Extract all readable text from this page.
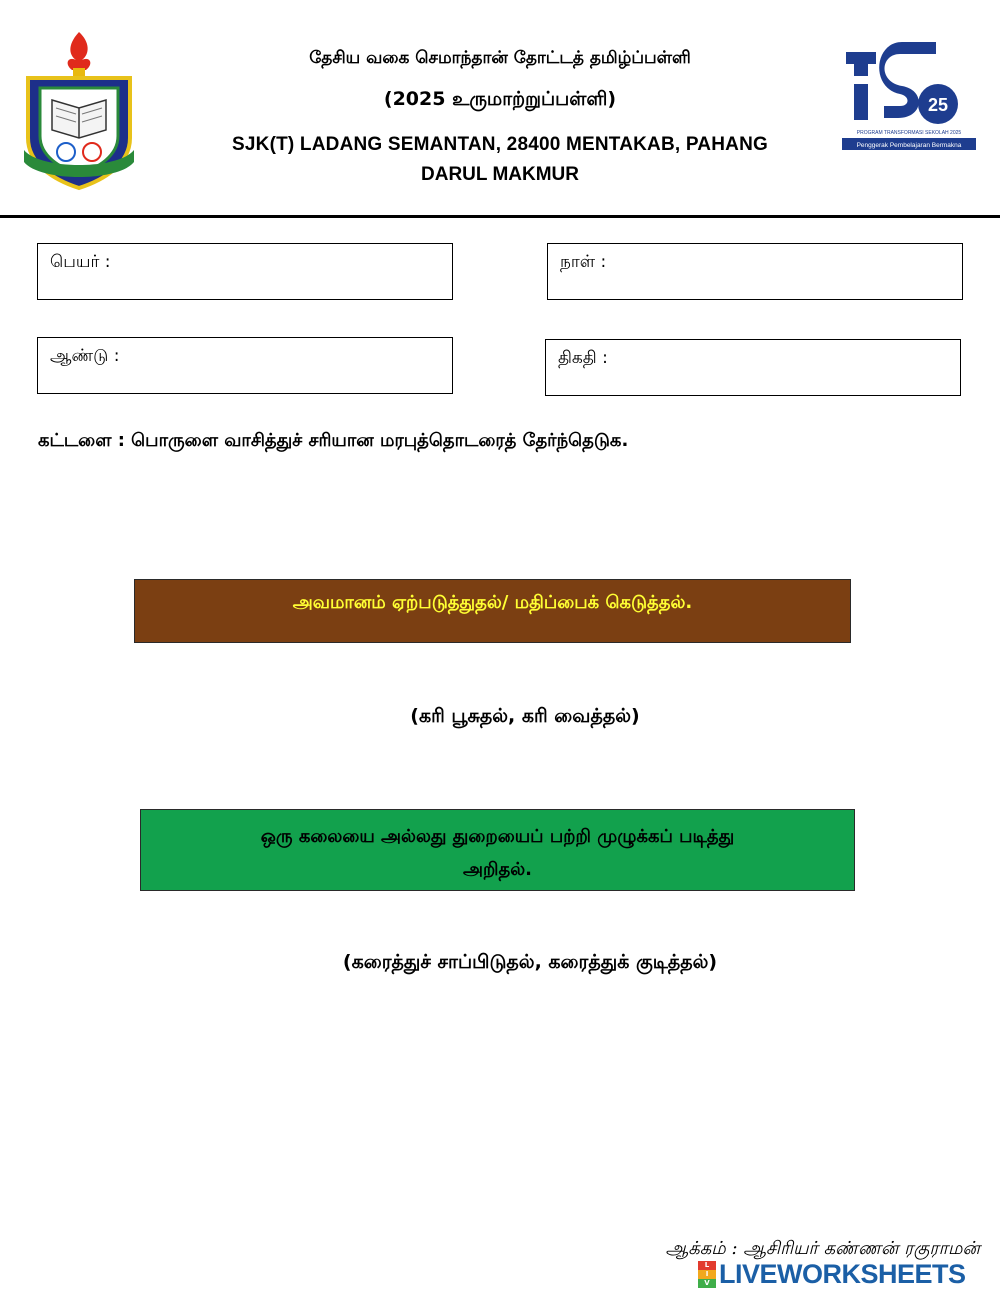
25
PROGRAM TRANSFORMASI SEKOLAH 2025
Penggerak Pembelajaran Bermakna
தேசிய வகை செமாந்தான் தோட்டத் தமிழ்ப்பள்ளி
(2025 உருமாற்றுப்பள்ளி)
SJK(T) LADANG SEMANTAN, 28400 MENTAKAB, PAHANG
DARUL MAKMUR
பெயர் :	நாள் :
ஆண்டு :	திகதி :
கட்டளை : பொருளை வாசித்துச் சரியான மரபுத்தொடரைத் தேர்ந்தெடுக.
அவமானம் ஏற்படுத்துதல்/ மதிப்பைக் கெடுத்தல்.
(கரி பூசுதல், கரி வைத்தல்)
ஒரு கலையை அல்லது துறையைப் பற்றி முழுக்கப் படித்து
அறிதல்.
(கரைத்துச் சாப்பிடுதல், கரைத்துக் குடித்தல்)
ஆக்கம் : ஆசிரியர் கண்ணன் ரகுராமன்
L
I
V LIVEWORKSHEETS
